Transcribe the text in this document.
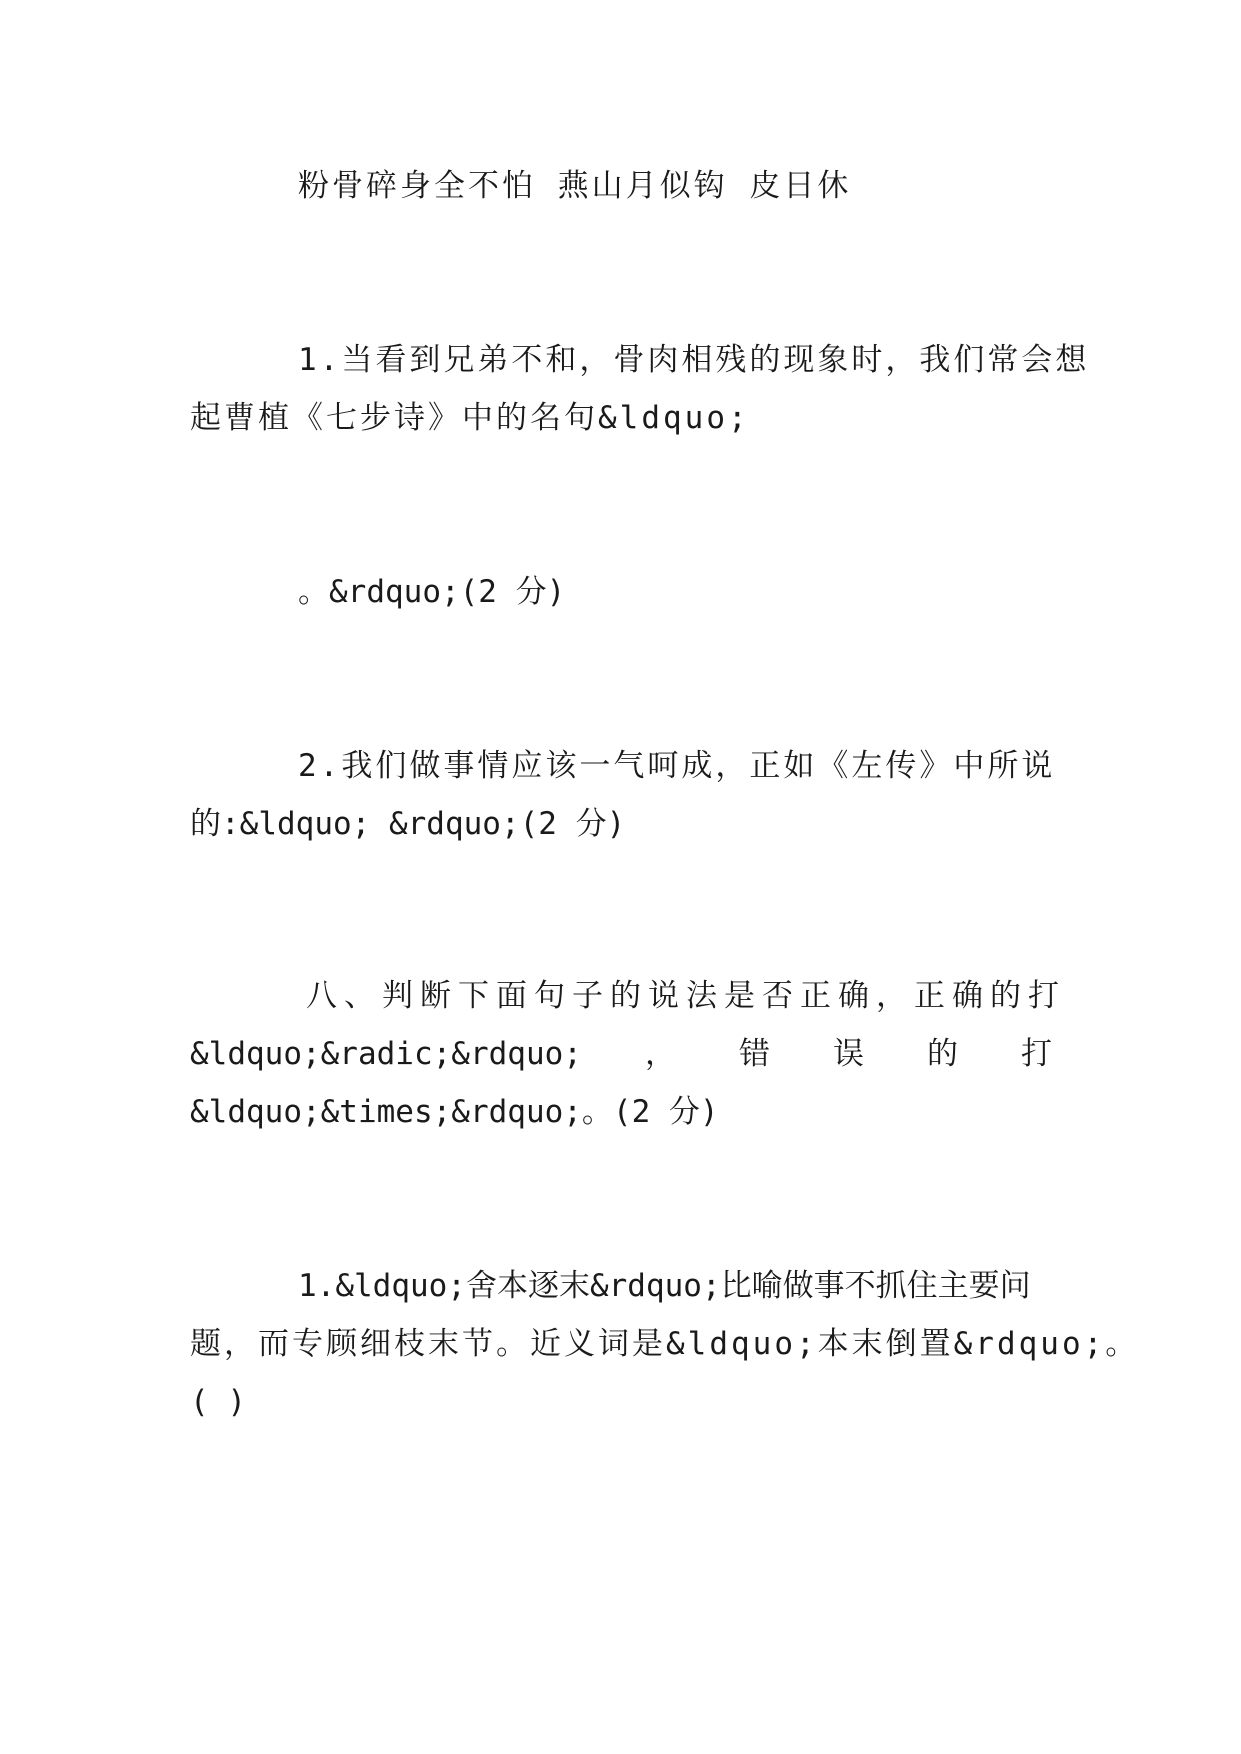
粉骨碎身全不怕 燕山月似钩 皮日休
1.当看到兄弟不和，骨肉相残的现象时，我们常会想
起曹植《七步诗》中的名句&ldquo;
。&rdquo;(2 分)
2.我们做事情应该一气呵成，正如《左传》中所说
的:&ldquo; &rdquo;(2 分)
八、判断下面句子的说法是否正确，正确的打
&ldquo;&radic;&rdquo; ， 错 误 的 打
&ldquo;&times;&rdquo;。(2 分)
1.&ldquo;舍本逐末&rdquo;比喻做事不抓住主要问
题，而专顾细枝末节。近义词是&ldquo;本末倒置&rdquo;。
( )
